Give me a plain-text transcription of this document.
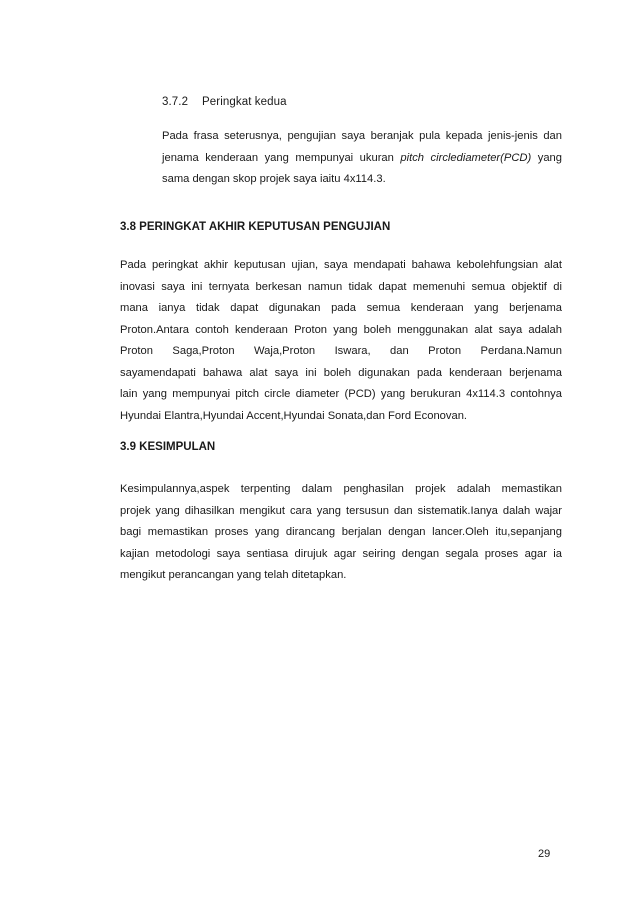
3.7.2 Peringkat kedua
Pada frasa seterusnya, pengujian saya beranjak pula kepada jenis-jenis dan
jenama kenderaan yang mempunyai ukuran pitch circlediameter(PCD) yang
sama dengan skop projek saya iaitu 4x114.3.
3.8 PERINGKAT AKHIR KEPUTUSAN PENGUJIAN
Pada peringkat akhir keputusan ujian, saya mendapati bahawa kebolehfungsian alat
inovasi saya ini ternyata berkesan namun tidak dapat memenuhi semua objektif di
mana ianya tidak dapat digunakan pada semua kenderaan yang berjenama
Proton.Antara contoh kenderaan Proton yang boleh menggunakan alat saya adalah
Proton Saga,Proton Waja,Proton Iswara, dan Proton Perdana.Namun
sayamendapati bahawa alat saya ini boleh digunakan pada kenderaan berjenama
lain yang mempunyai pitch circle diameter (PCD) yang berukuran 4x114.3 contohnya
Hyundai Elantra,Hyundai Accent,Hyundai Sonata,dan Ford Econovan.
3.9 KESIMPULAN
Kesimpulannya,aspek terpenting dalam penghasilan projek adalah memastikan
projek yang dihasilkan mengikut cara yang tersusun dan sistematik.Ianya dalah wajar
bagi memastikan proses yang dirancang berjalan dengan lancer.Oleh itu,sepanjang
kajian metodologi saya sentiasa dirujuk agar seiring dengan segala proses agar ia
mengikut perancangan yang telah ditetapkan.
29
